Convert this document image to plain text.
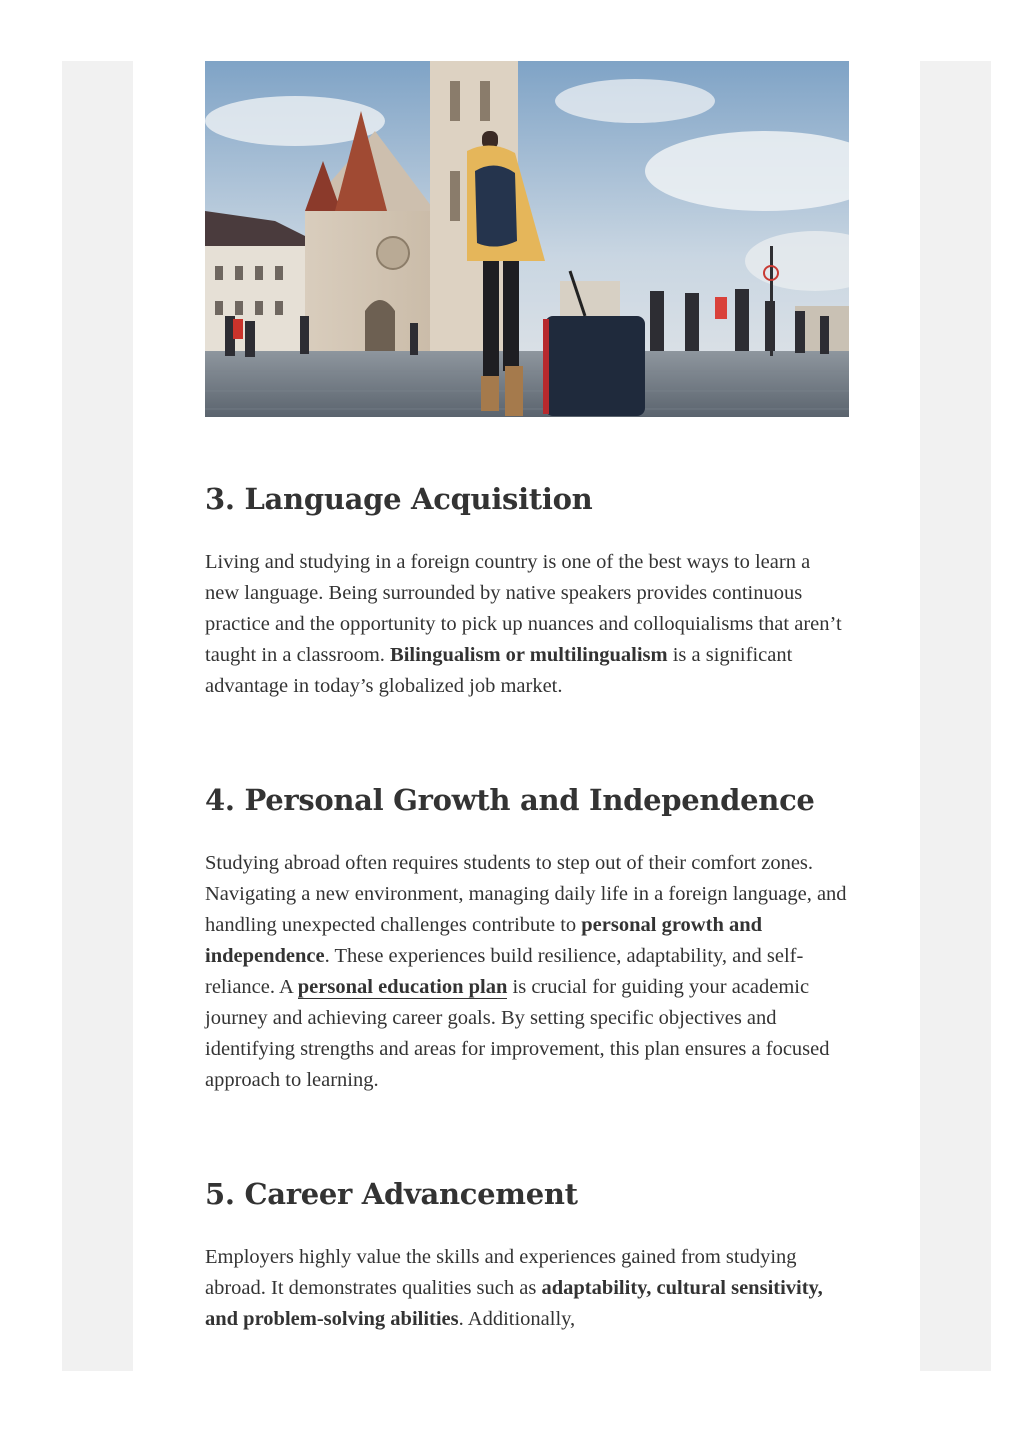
3. Language Acquisition

Living and studying in a foreign country is one of the best ways to learn a new language. Being surrounded by native speakers provides continuous practice and the opportunity to pick up nuances and colloquialisms that aren’t taught in a classroom. Bilingualism or multilingualism is a significant advantage in today’s globalized job market.

4. Personal Growth and Independence

Studying abroad often requires students to step out of their comfort zones. Navigating a new environment, managing daily life in a foreign language, and handling unexpected challenges contribute to personal growth and independence. These experiences build resilience, adaptability, and self-reliance. A personal education plan is crucial for guiding your academic journey and achieving career goals. By setting specific objectives and identifying strengths and areas for improvement, this plan ensures a focused approach to learning.

5. Career Advancement

Employers highly value the skills and experiences gained from studying abroad. It demonstrates qualities such as adaptability, cultural sensitivity, and problem-solving abilities. Additionally,
